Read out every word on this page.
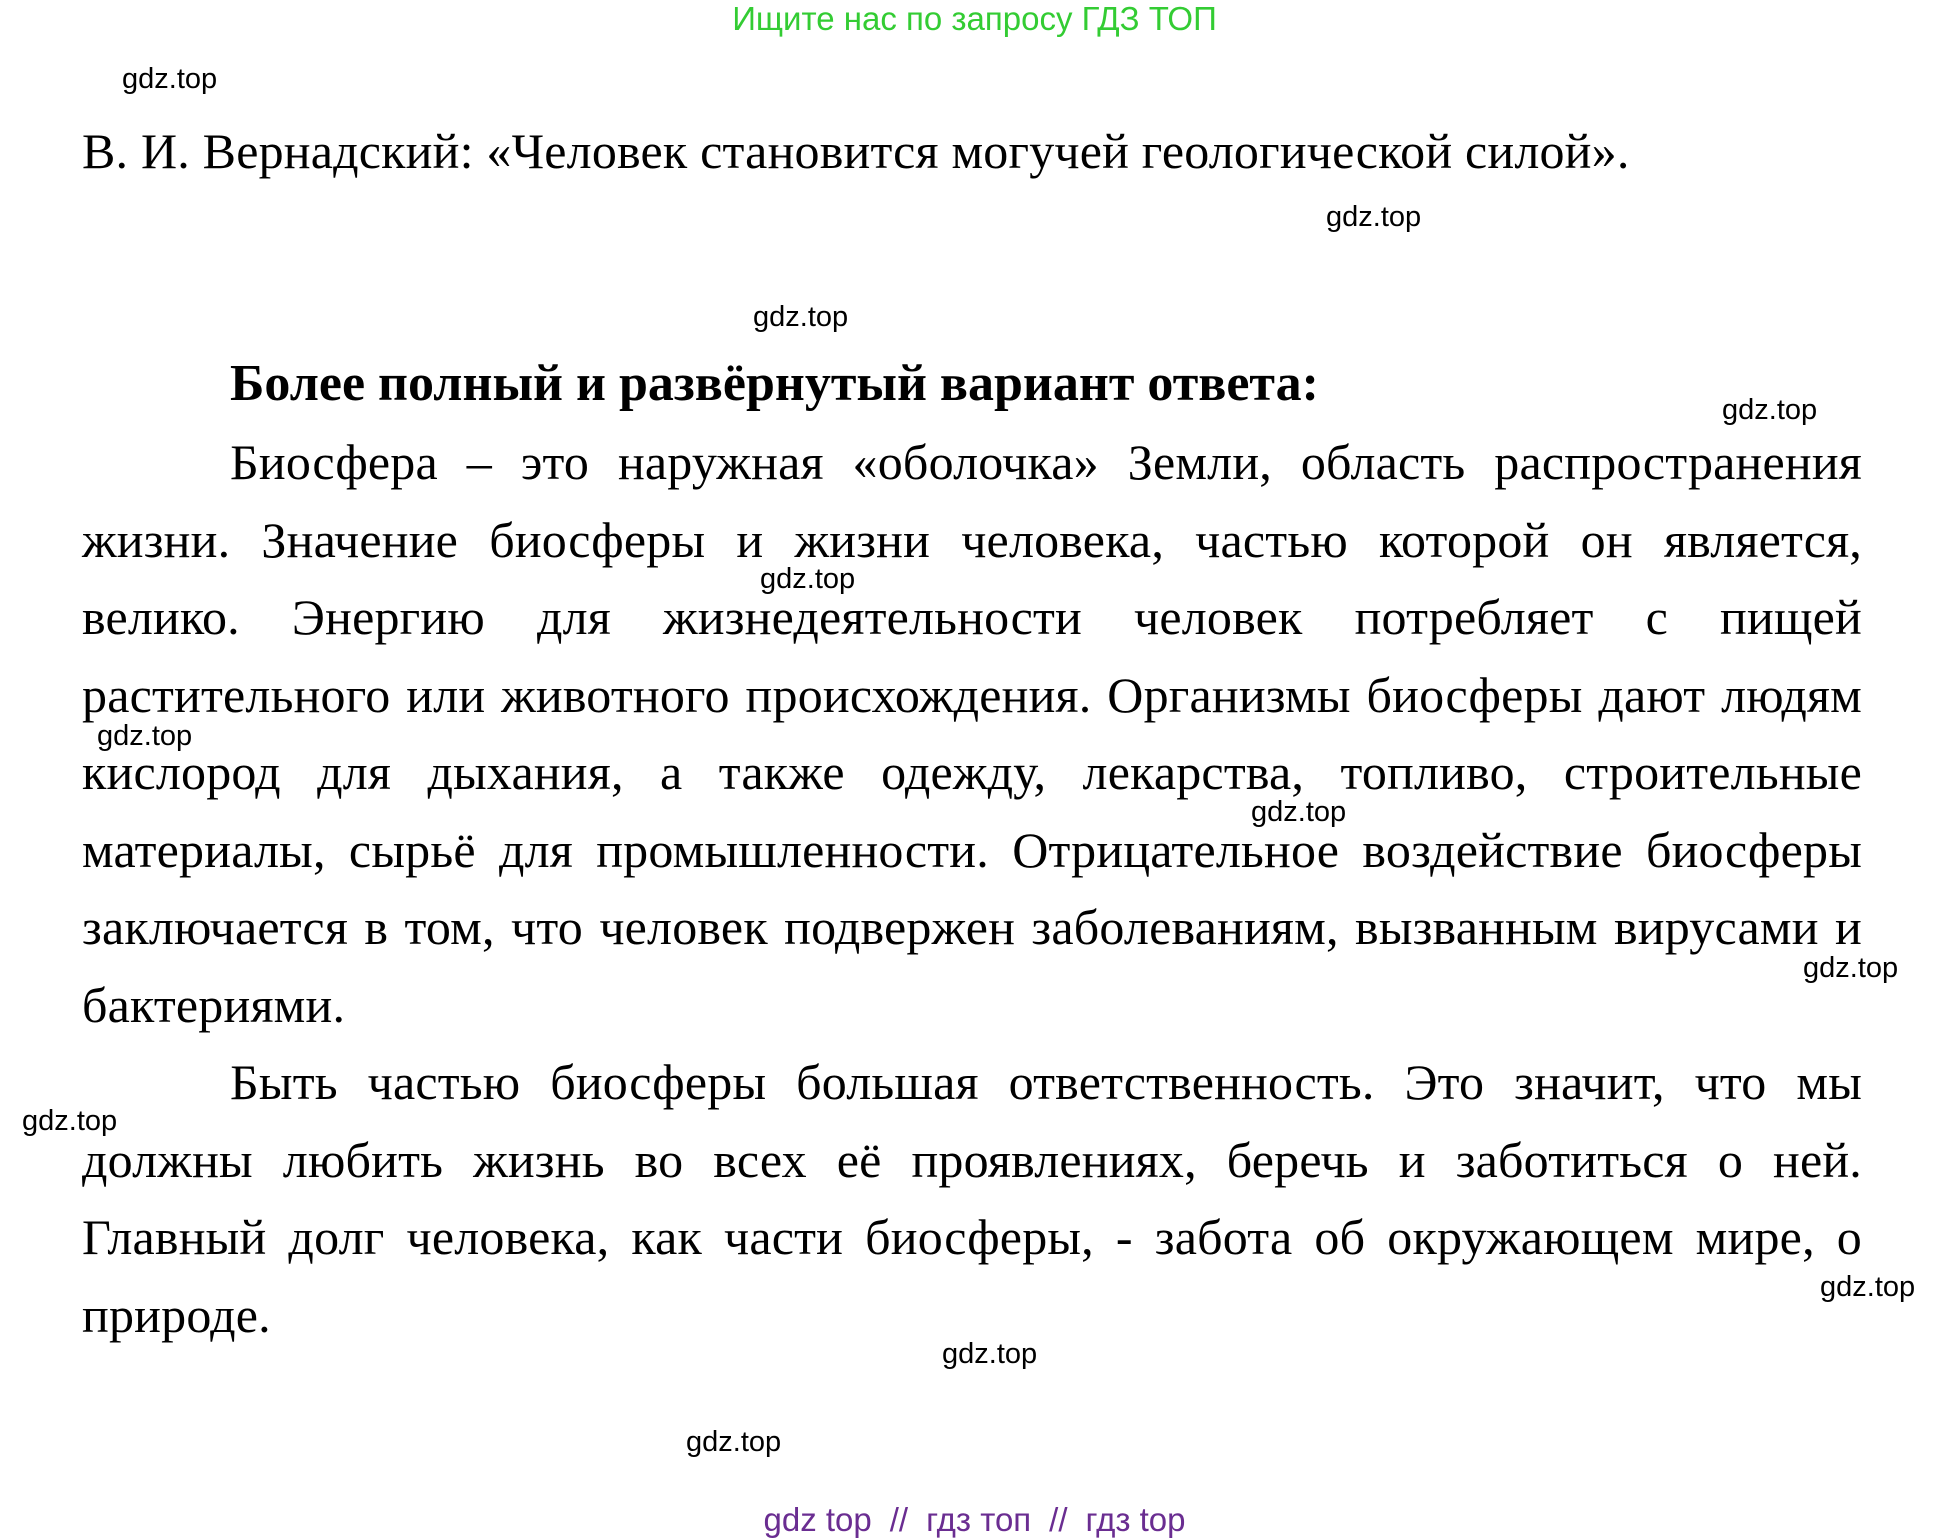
Ищите нас по запросу ГДЗ ТОП
gdz.top
gdz.top
gdz.top
gdz.top
gdz.top
gdz.top
gdz.top
gdz.top
gdz.top
gdz.top
gdz.top
gdz.top

В. И. Вернадский: «Человек становится могучей геологической силой».

Более полный и развёрнутый вариант ответа:

Биосфера – это наружная «оболочка» Земли, область распространения жизни. Значение биосферы и жизни человека, частью которой он является, велико. Энергию для жизнедеятельности человек потребляет с пищей растительного или животного происхождения. Организмы биосферы дают людям кислород для дыхания, а также одежду, лекарства, топливо, строительные материалы, сырьё для промышленности. Отрицательное воздействие биосферы заключается в том, что человек подвержен заболеваниям, вызванным вирусами и бактериями.

Быть частью биосферы большая ответственность. Это значит, что мы должны любить жизнь во всех её проявлениях, беречь и заботиться о ней. Главный долг человека, как части биосферы, - забота об окружающем мире, о природе.

gdz top // гдз топ // гдз top
